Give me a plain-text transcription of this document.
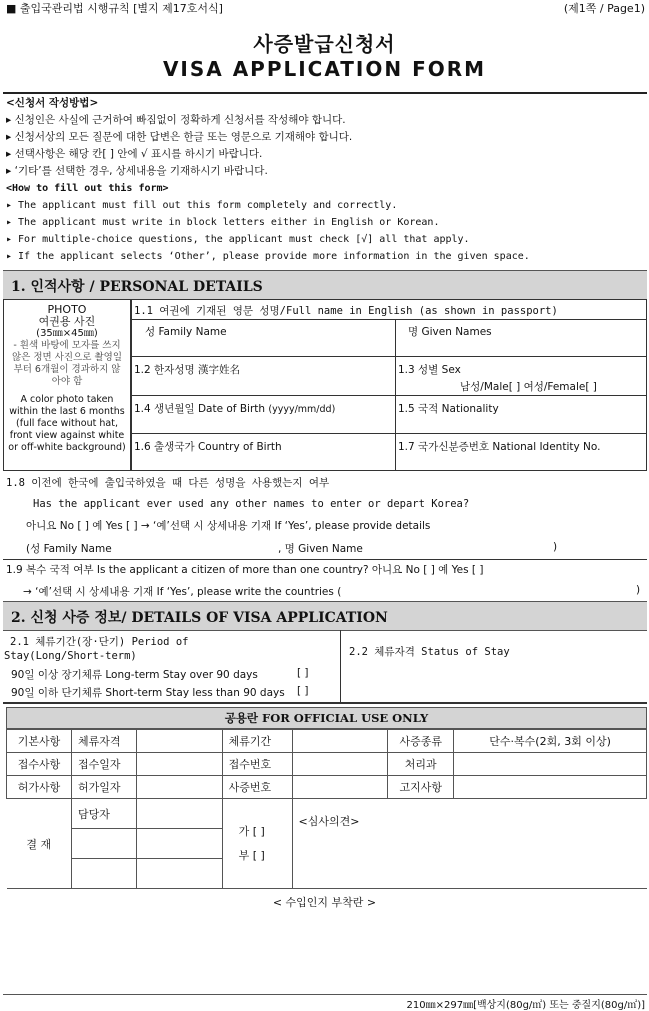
■ 출입국관리법 시행규칙 [별지 제17호서식]	(제1쪽 / Page1)
사증발급신청서
VISA APPLICATION FORM
<신청서 작성방법>
▸ 신청인은 사실에 근거하여 빠짐없이 정확하게 신청서를 작성해야 합니다.
▸ 신청서상의 모든 질문에 대한 답변은 한글 또는 영문으로 기재해야 합니다.
▸ 선택사항은 해당 칸[ ] 안에 √ 표시를 하시기 바랍니다.
▸ ‘기타’를 선택한 경우, 상세내용을 기재하시기 바랍니다.
<How to fill out this form>
▸ The applicant must fill out this form completely and correctly.
▸ The applicant must write in block letters either in English or Korean.
▸ For multiple-choice questions, the applicant must check [√] all that apply.
▸ If the applicant selects ‘Other’, please provide more information in the given space.
1. 인적사항 / PERSONAL DETAILS
PHOTO
여권용 사진
(35㎜×45㎜)
- 흰색 바탕에 모자를 쓰지
않은 정면 사진으로 촬영일
부터 6개월이 경과하지 않
아야 함
A color photo taken
within the last 6 months
(full face without hat,
front view against white
or off-white background)
1.1 여권에 기재된 영문 성명/Full name in English (as shown in passport)
성 Family Name	명 Given Names
1.2 한자성명 漢字姓名	1.3 성별 Sex
남성/Male[ ] 여성/Female[ ]
1.4 생년월일 Date of Birth (yyyy/mm/dd)	1.5 국적 Nationality
1.6 출생국가 Country of Birth	1.7 국가신분증번호 National Identity No.
1.8 이전에 한국에 출입국하였을 때 다른 성명을 사용했는지 여부
Has the applicant ever used any other names to enter or depart Korea?
아니요 No [ ] 예 Yes [ ] → ‘예’선택 시 상세내용 기재 If ‘Yes’, please provide details
(성 Family Name	, 명 Given Name	)
1.9 복수 국적 여부 Is the applicant a citizen of more than one country? 아니요 No [ ] 예 Yes [ ]
→ ‘예’선택 시 상세내용 기재 If ‘Yes’, please write the countries (	)
2. 신청 사증 정보/ DETAILS OF VISA APPLICATION
2.1 체류기간(장·단기) Period of
Stay(Long/Short-term)
90일 이상 장기체류 Long-term Stay over 90 days	[ ]
90일 이하 단기체류 Short-term Stay less than 90 days [ ]
2.2 체류자격 Status of Stay
공용란 FOR OFFICIAL USE ONLY
기본사항	체류자격		체류기간		사증종류	단수·복수(2회, 3회 이상)
접수사항	접수일자		접수번호		처리과	
허가사항	허가일자		사증번호		고지사항	
결 재	담당자		가 [ ]
부 [ ]	<심사의견>		

< 수입인지 부착란 >
210㎜×297㎜[백상지(80g/㎡) 또는 중질지(80g/㎡)]
